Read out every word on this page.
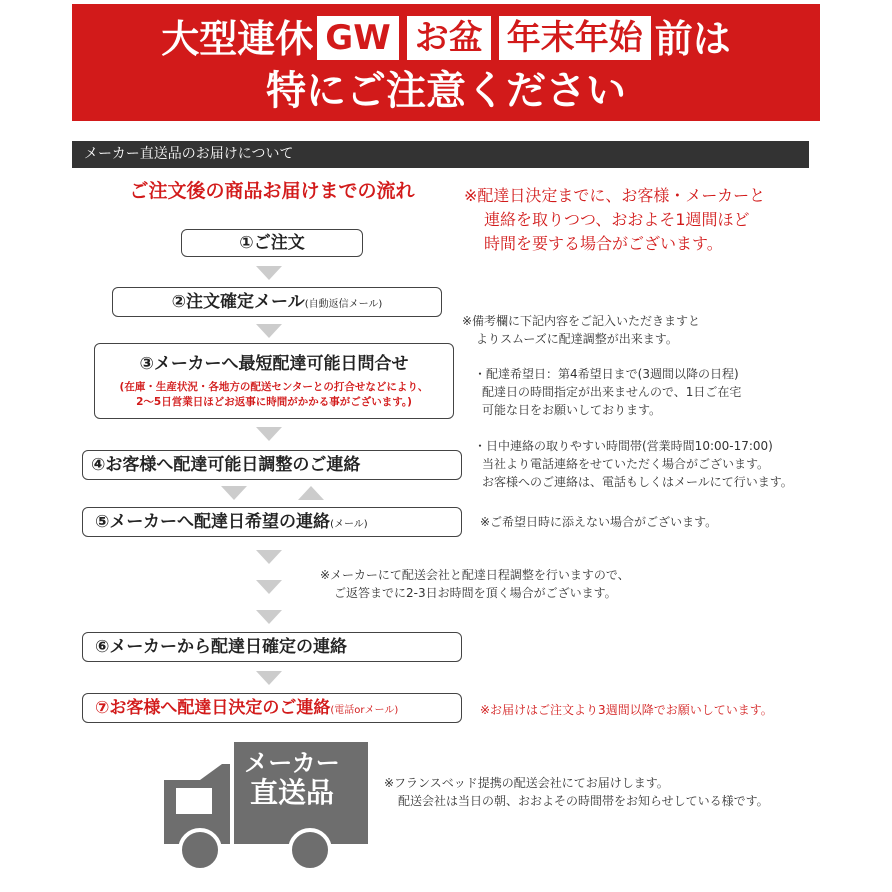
大型連休 GW お盆 年末年始 前は
特にご注意ください
メーカー直送品のお届けについて
ご注文後の商品お届けまでの流れ	※配達日決定までに、お客様・メーカーと
連絡を取りつつ、おおよそ1週間ほど
時間を要する場合がございます。
①ご注文
②注文確定メール(自動返信メール)
③メーカーへ最短配達可能日問合せ
(在庫・生産状況・各地方の配送センターとの打合せなどにより、
2～5日営業日ほどお返事に時間がかかる事がございます。)
④お客様へ配達可能日調整のご連絡
⑤メーカーへ配達日希望の連絡(メール)
⑥メーカーから配達日確定の連絡
⑦お客様へ配達日決定のご連絡(電話orメール)
※備考欄に下記内容をご記入いただきますと
よりスムーズに配達調整が出来ます。
・配達希望日：第4希望日まで(3週間以降の日程)
配達日の時間指定が出来ませんので、1日ご在宅
可能な日をお願いしております。
・日中連絡の取りやすい時間帯(営業時間10:00-17:00)
当社より電話連絡をせていただく場合がございます。
お客様へのご連絡は、電話もしくはメールにて行います。
※ご希望日時に添えない場合がございます。
※メーカーにて配送会社と配達日程調整を行いますので、
ご返答までに2-3日お時間を頂く場合がございます。
※お届けはご注文より3週間以降でお願いしています。
※フランスベッド提携の配送会社にてお届けします。
配送会社は当日の朝、おおよその時間帯をお知らせしている様です。
メーカー
直送品
